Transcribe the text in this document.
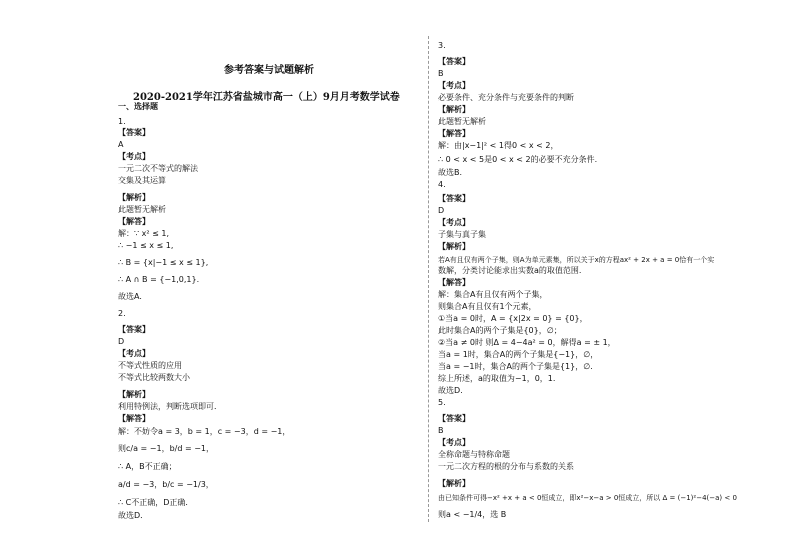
参考答案与试题解析
2020-2021学年江苏省盐城市高一（上）9月月考数学试卷
一、选择题
1.
【答案】
A
【考点】
一元二次不等式的解法
交集及其运算
【解析】
此题暂无解析
【解答】
解：∵ x² ≤ 1,
∴ −1 ≤ x ≤ 1,
∴ B = {x|−1 ≤ x ≤ 1},
∴ A ∩ B = {−1,0,1}.
故选A.
2.
【答案】
D
【考点】
不等式性质的应用
不等式比较两数大小
【解析】
利用特例法，判断选项即可．
【解答】
解：不妨令a = 3，b = 1，c = −3，d = −1，
则c/a = −1，b/d = −1，
∴ A，B不正确；
a/d = −3，b/c = −1/3，
∴ C不正确，D正确．
故选D．
3.
【答案】
B
【考点】
必要条件、充分条件与充要条件的判断
【解析】
此题暂无解析
【解答】
解：由|x−1|² < 1得0 < x < 2，
∴ 0 < x < 5是0 < x < 2的必要不充分条件.
故选B.
4.
【答案】
D
【考点】
子集与真子集
【解析】
若A有且仅有两个子集，则A为单元素集，所以关于x的方程ax² + 2x + a = 0恰有一个实
数解，分类讨论能求出实数a的取值范围.
【解答】
解：集合A有且仅有两个子集，
则集合A有且仅有1个元素，
①当a = 0时，A = {x|2x = 0} = {0}，
此时集合A的两个子集是{0}，∅；
②当a ≠ 0时 则Δ = 4−4a² = 0，解得a = ± 1，
当a = 1时，集合A的两个子集是{−1}，∅，
当a = −1时，集合A的两个子集是{1}，∅.
综上所述，a的取值为−1，0，1.
故选D.
5.
【答案】
B
【考点】
全称命题与特称命题
一元二次方程的根的分布与系数的关系
【解析】
由已知条件可得−x² +x + a < 0恒成立，即x²−x−a > 0恒成立，所以 Δ = (−1)²−4(−a) < 0
则a < −1/4，选 B
